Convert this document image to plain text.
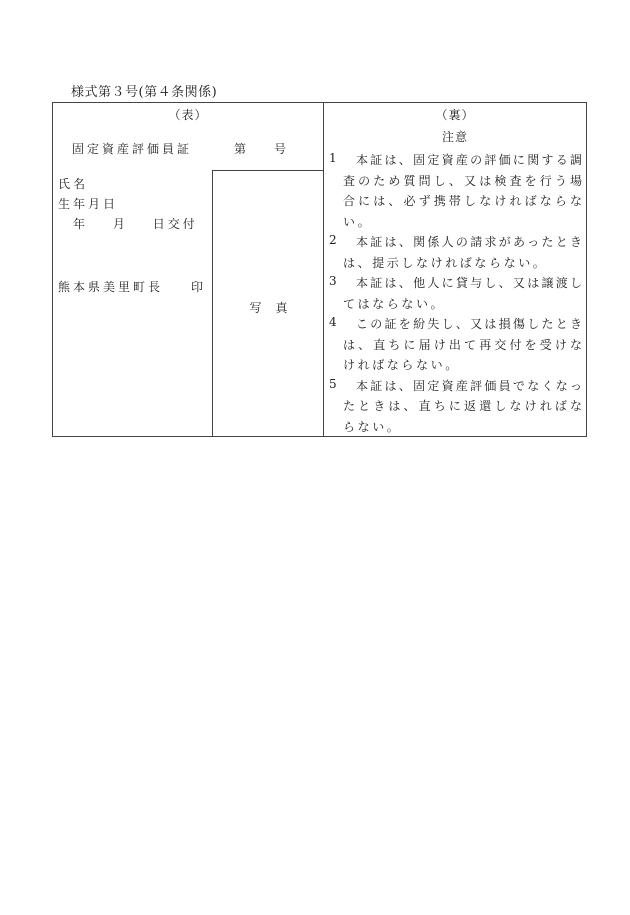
様式第３号(第４条関係)
（表）
固定資産評価員証	第 号
氏名
生年月日
年 月 日交付
熊本県美里町長 印
写真
（裏）
注意
1 本証は、固定資産の評価に関する調
査のため質問し、又は検査を行う場
合には、必ず携帯しなければならな
い。
2 本証は、関係人の請求があったとき
は、提示しなければならない。
3 本証は、他人に貸与し、又は譲渡し
てはならない。
4 この証を紛失し、又は損傷したとき
は、直ちに届け出て再交付を受けな
ければならない。
5 本証は、固定資産評価員でなくなっ
たときは、直ちに返還しなければな
らない。
